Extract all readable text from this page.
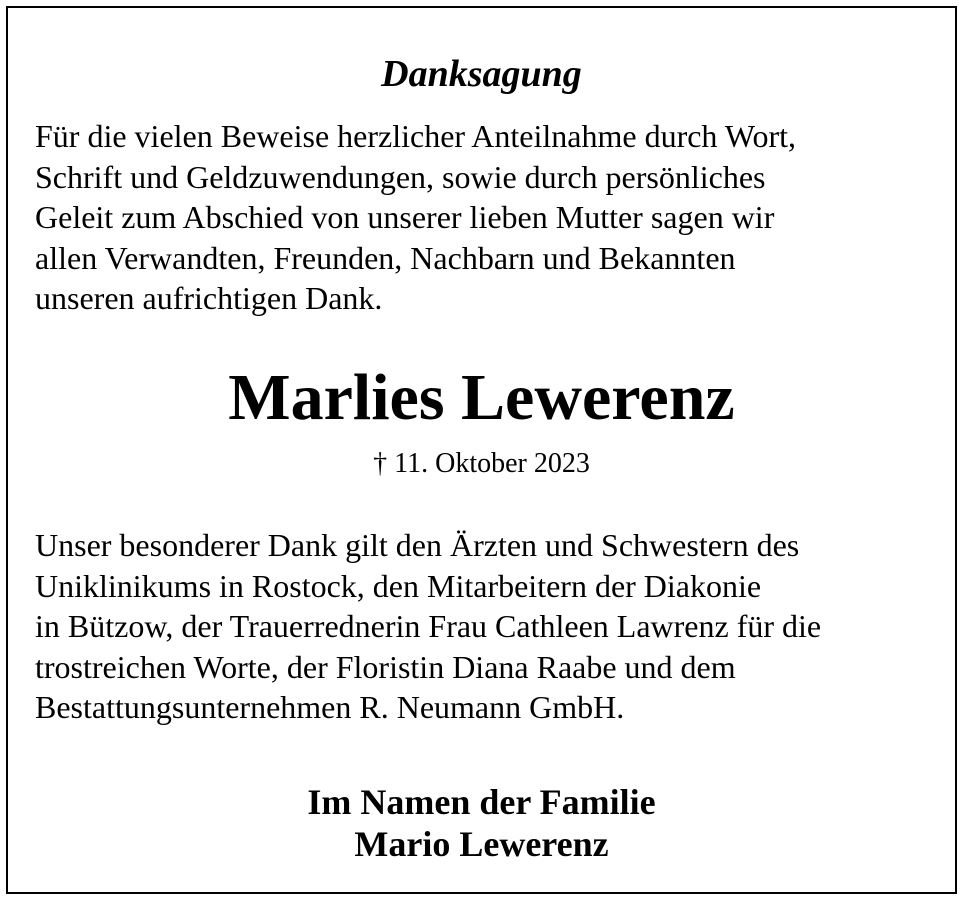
Danksagung

Für die vielen Beweise herzlicher Anteilnahme durch Wort,
Schrift und Geldzuwendungen, sowie durch persönliches
Geleit zum Abschied von unserer lieben Mutter sagen wir
allen Verwandten, Freunden, Nachbarn und Bekannten
unseren aufrichtigen Dank.

Marlies Lewerenz

† 11. Oktober 2023

Unser besonderer Dank gilt den Ärzten und Schwestern des
Uniklinikums in Rostock, den Mitarbeitern der Diakonie
in Bützow, der Trauerrednerin Frau Cathleen Lawrenz für die
trostreichen Worte, der Floristin Diana Raabe und dem
Bestattungsunternehmen R. Neumann GmbH.

Im Namen der Familie
Mario Lewerenz
